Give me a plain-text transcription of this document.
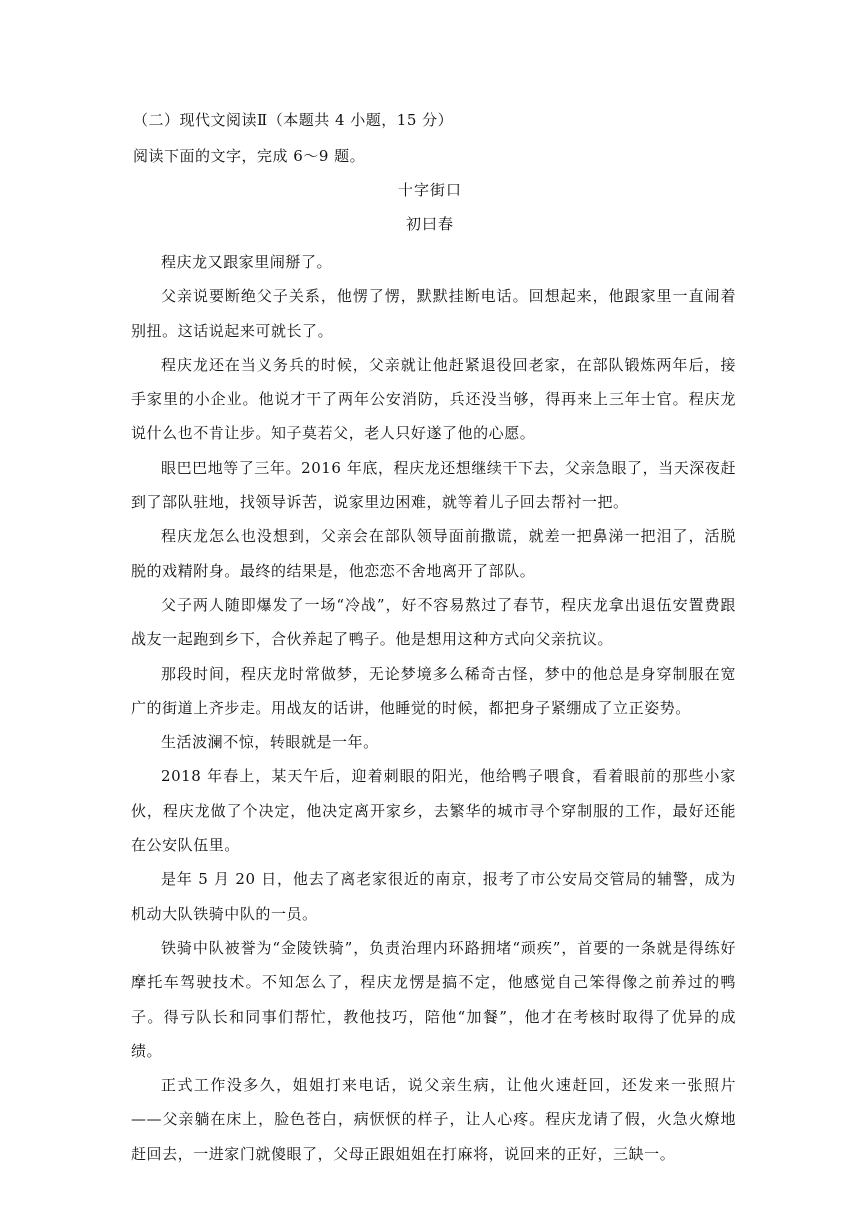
（二）现代文阅读Ⅱ（本题共 4 小题，15 分）
阅读下面的文字，完成 6～9 题。
十字街口
初曰春

程庆龙又跟家里闹掰了。

父亲说要断绝父子关系，他愣了愣，默默挂断电话。回想起来，他跟家里一直闹着别扭。这话说起来可就长了。

程庆龙还在当义务兵的时候，父亲就让他赶紧退役回老家，在部队锻炼两年后，接手家里的小企业。他说才干了两年公安消防，兵还没当够，得再来上三年士官。程庆龙说什么也不肯让步。知子莫若父，老人只好遂了他的心愿。

眼巴巴地等了三年。2016 年底，程庆龙还想继续干下去，父亲急眼了，当天深夜赶到了部队驻地，找领导诉苦，说家里边困难，就等着儿子回去帮衬一把。

程庆龙怎么也没想到，父亲会在部队领导面前撒谎，就差一把鼻涕一把泪了，活脱脱的戏精附身。最终的结果是，他恋恋不舍地离开了部队。

父子两人随即爆发了一场“冷战”，好不容易熬过了春节，程庆龙拿出退伍安置费跟战友一起跑到乡下，合伙养起了鸭子。他是想用这种方式向父亲抗议。

那段时间，程庆龙时常做梦，无论梦境多么稀奇古怪，梦中的他总是身穿制服在宽广的街道上齐步走。用战友的话讲，他睡觉的时候，都把身子紧绷成了立正姿势。

生活波澜不惊，转眼就是一年。

2018 年春上，某天午后，迎着刺眼的阳光，他给鸭子喂食，看着眼前的那些小家伙，程庆龙做了个决定，他决定离开家乡，去繁华的城市寻个穿制服的工作，最好还能在公安队伍里。

是年 5 月 20 日，他去了离老家很近的南京，报考了市公安局交管局的辅警，成为机动大队铁骑中队的一员。

铁骑中队被誉为“金陵铁骑”，负责治理内环路拥堵“顽疾”，首要的一条就是得练好摩托车驾驶技术。不知怎么了，程庆龙愣是搞不定，他感觉自己笨得像之前养过的鸭子。得亏队长和同事们帮忙，教他技巧，陪他“加餐”，他才在考核时取得了优异的成绩。

正式工作没多久，姐姐打来电话，说父亲生病，让他火速赶回，还发来一张照片——父亲躺在床上，脸色苍白，病恹恹的样子，让人心疼。程庆龙请了假，火急火燎地赶回去，一进家门就傻眼了，父母正跟姐姐在打麻将，说回来的正好，三缺一。
